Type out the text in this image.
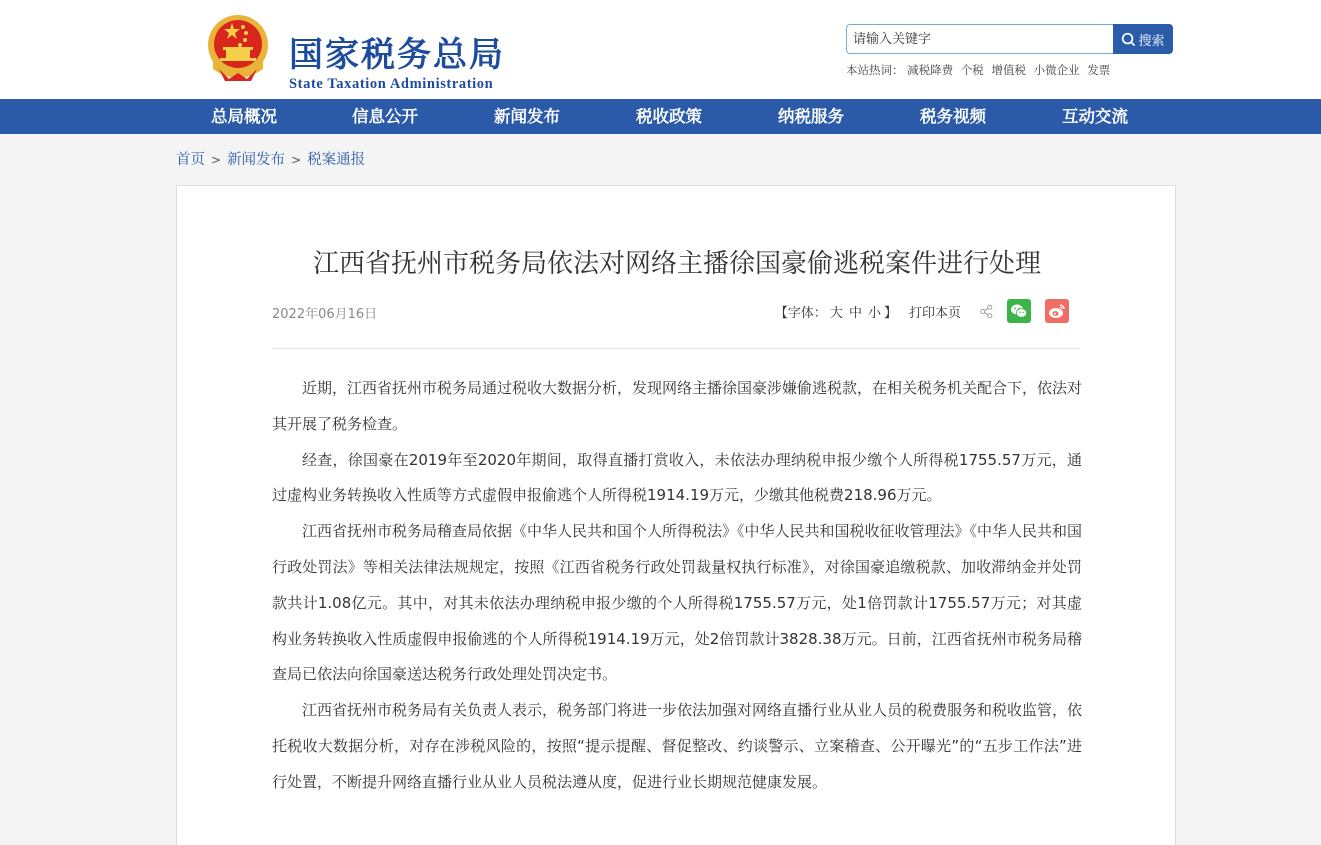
国家税务总局
State Taxation Administration
请输入关键字
搜索
本站热词： 减税降费 个税 增值税 小微企业 发票
总局概况	信息公开	新闻发布	税收政策	纳税服务	税务视频	互动交流
首页 > 新闻发布 > 税案通报
江西省抚州市税务局依法对网络主播徐国豪偷逃税案件进行处理
2022年06月16日	【字体： 大 中 小 】 打印本页

近期，江西省抚州市税务局通过税收大数据分析，发现网络主播徐国豪涉嫌偷逃税款，在相关税务机关配合下，依法对其开展了税务检查。

经查，徐国豪在2019年至2020年期间，取得直播打赏收入，未依法办理纳税申报少缴个人所得税1755.57万元，通过虚构业务转换收入性质等方式虚假申报偷逃个人所得税1914.19万元，少缴其他税费218.96万元。

江西省抚州市税务局稽查局依据《中华人民共和国个人所得税法》《中华人民共和国税收征收管理法》《中华人民共和国行政处罚法》等相关法律法规规定，按照《江西省税务行政处罚裁量权执行标准》，对徐国豪追缴税款、加收滞纳金并处罚款共计1.08亿元。其中，对其未依法办理纳税申报少缴的个人所得税1755.57万元，处1倍罚款计1755.57万元；对其虚构业务转换收入性质虚假申报偷逃的个人所得税1914.19万元，处2倍罚款计3828.38万元。日前，江西省抚州市税务局稽查局已依法向徐国豪送达税务行政处理处罚决定书。

江西省抚州市税务局有关负责人表示，税务部门将进一步依法加强对网络直播行业从业人员的税费服务和税收监管，依托税收大数据分析，对存在涉税风险的，按照“提示提醒、督促整改、约谈警示、立案稽查、公开曝光”的“五步工作法”进行处置，不断提升网络直播行业从业人员税法遵从度，促进行业长期规范健康发展。
